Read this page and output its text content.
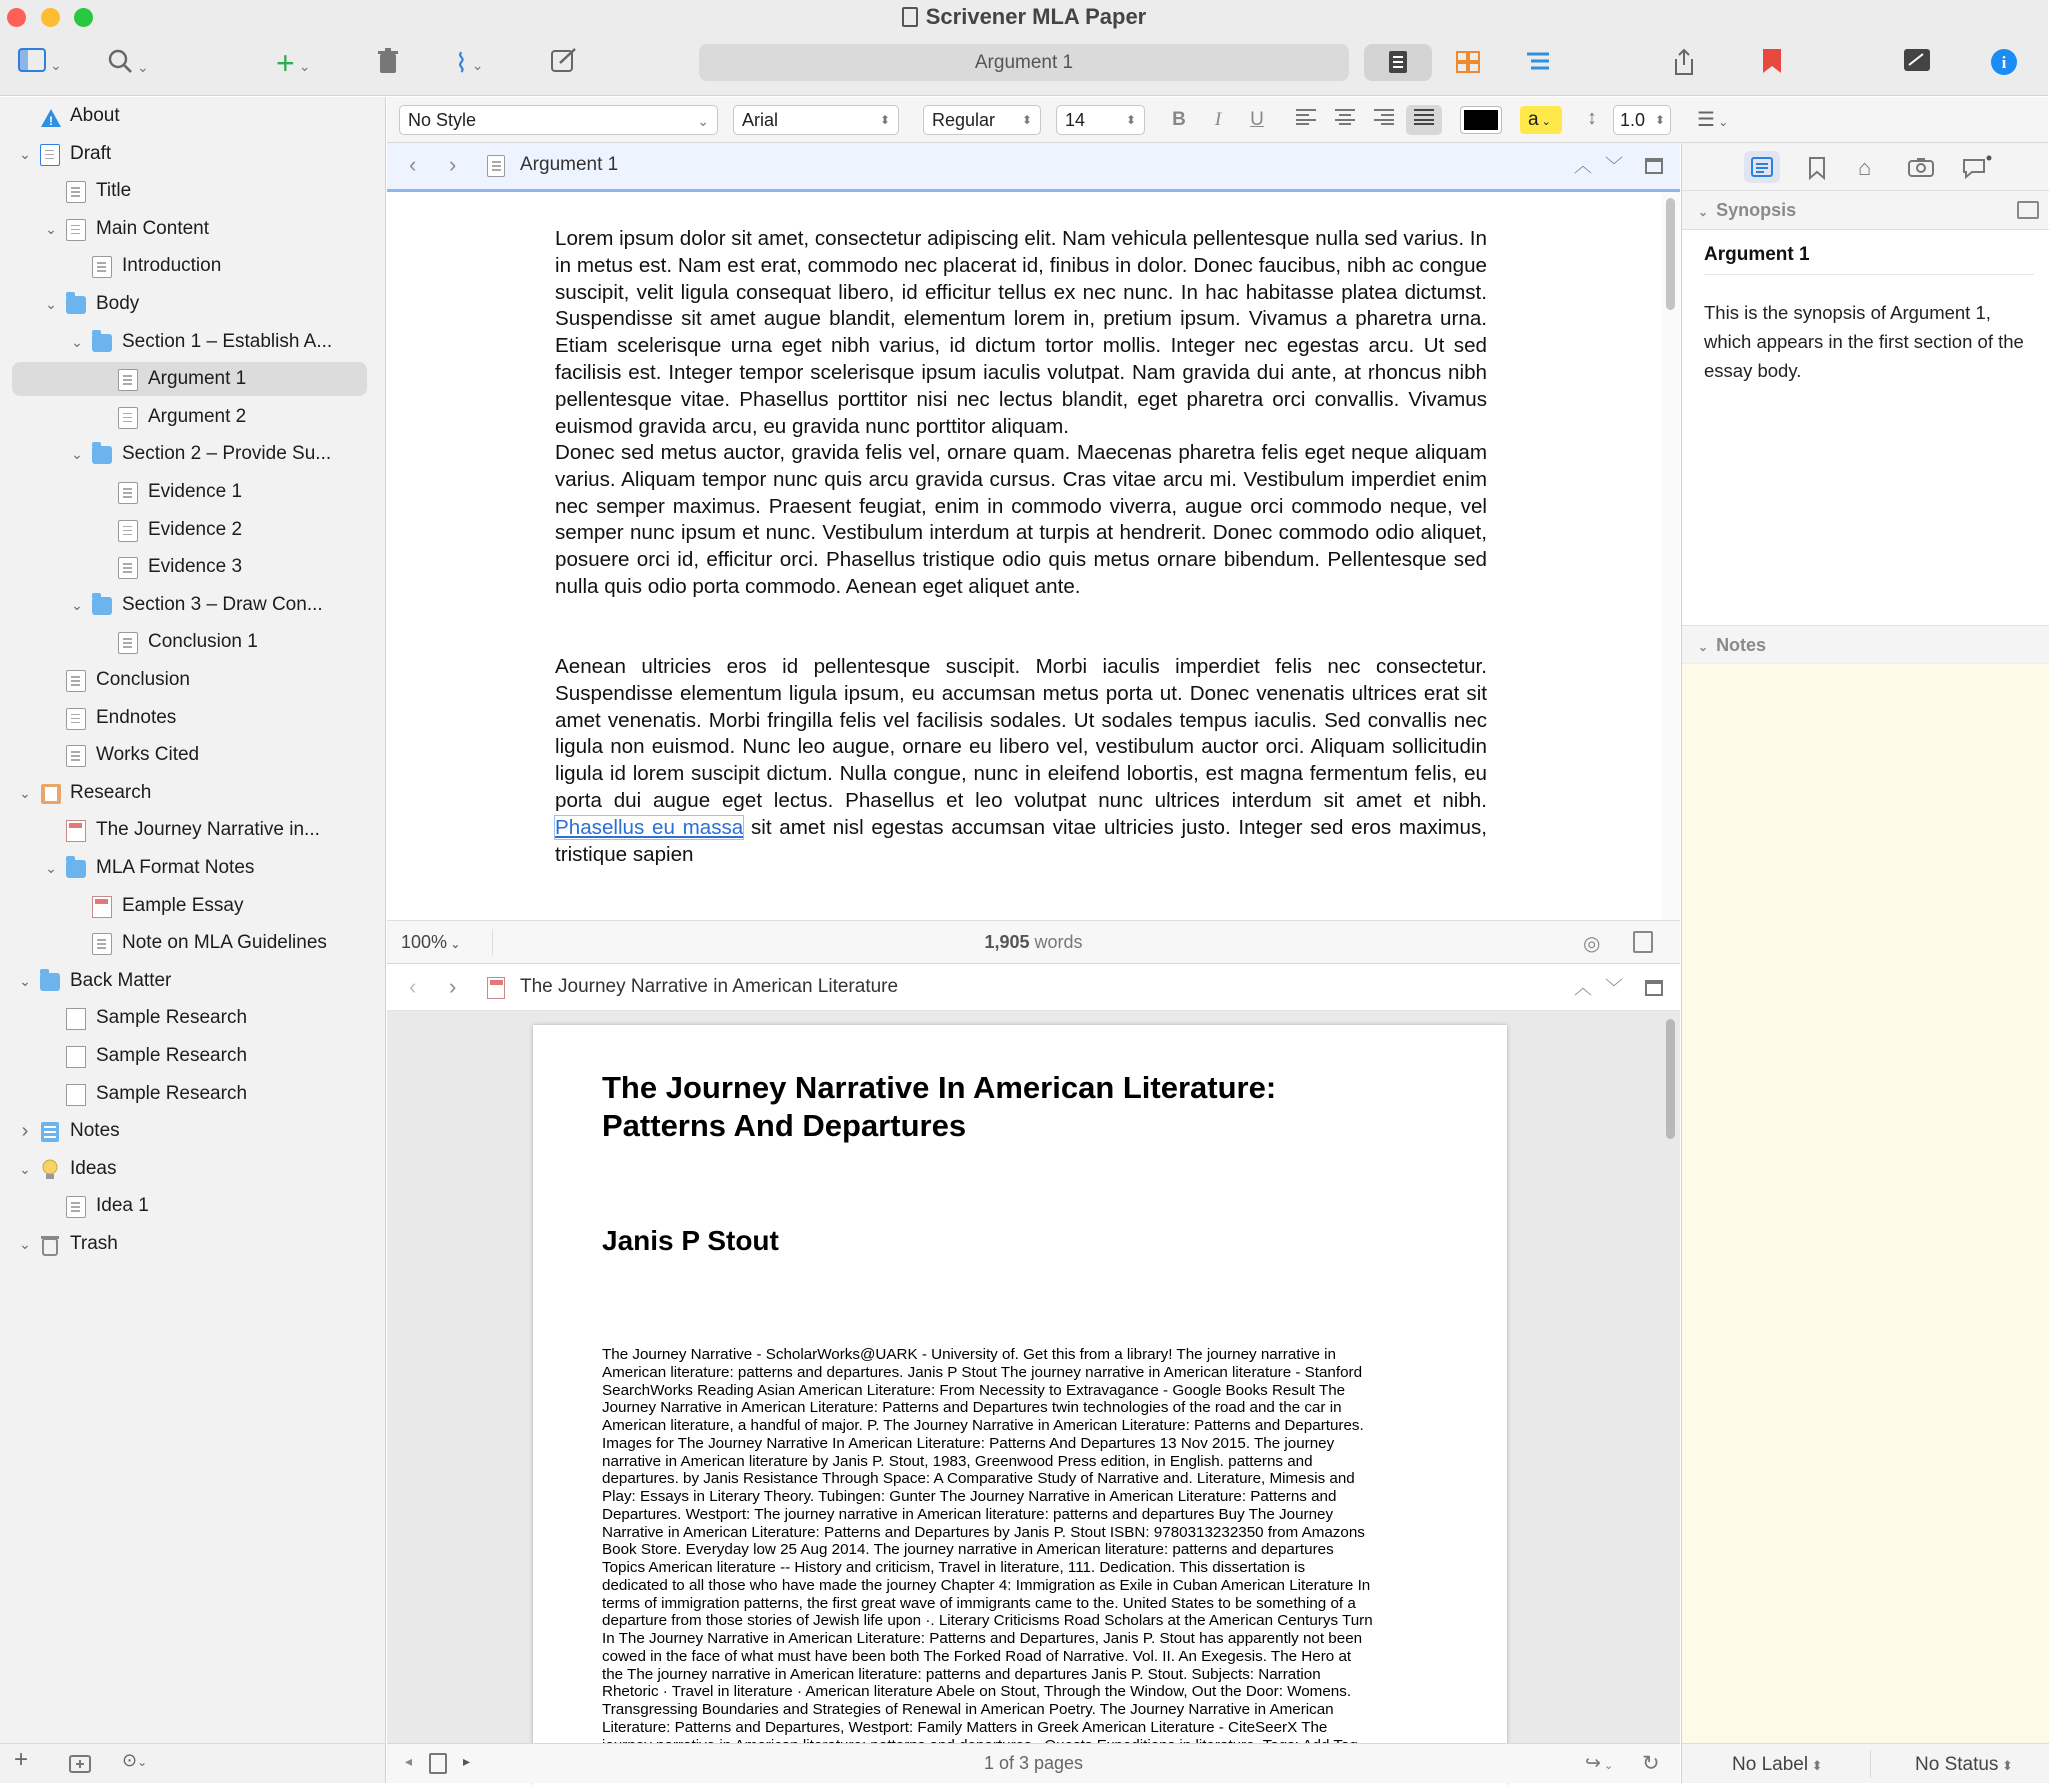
Scrivener MLA Paper
⌄	⌄	+ ⌄	⌇ ⌄	Argument 1	i
! About
⌄ Draft
Title
⌄ Main Content
Introduction
⌄ Body
⌄ Section 1 – Establish A...
Argument 1
Argument 2
⌄ Section 2 – Provide Su...
Evidence 1
Evidence 2
Evidence 3
⌄ Section 3 – Draw Con...
Conclusion 1
Conclusion
Endnotes
Works Cited
⌄ Research
The Journey Narrative in...
⌄ MLA Format Notes
Eample Essay
Note on MLA Guidelines
⌄ Back Matter
Sample Research
Sample Research
Sample Research
› Notes
⌄ Ideas
Idea 1
⌄ Trash
+	⊙⌄
No Style	⌄	Arial	⬍	Regular ⬍	14	⬍	B	I	U	a ⌄	↕	1.0 ⬍ ☰ ⌄
‹ ›	Argument 1	︿ ﹀

Lorem ipsum dolor sit amet, consectetur adipiscing elit. Nam vehicula pellentesque nulla sed varius. In in metus est. Nam est erat, commodo nec placerat id, finibus in dolor. Donec faucibus, nibh ac congue suscipit, velit ligula consequat libero, id efficitur tellus ex nec nunc. In hac habitasse platea dictumst. Suspendisse sit amet augue blandit, elementum lorem in, pretium ipsum. Vivamus a pharetra urna. Etiam scelerisque urna eget nibh varius, id dictum tortor mollis. Integer nec egestas arcu. Ut sed facilisis est. Integer tempor scelerisque ipsum iaculis volutpat. Nam gravida dui ante, at rhoncus nibh pellentesque vitae. Phasellus porttitor nisi nec lectus blandit, eget pharetra orci convallis. Vivamus euismod gravida arcu, eu gravida nunc porttitor aliquam.

Donec sed metus auctor, gravida felis vel, ornare quam. Maecenas pharetra felis eget neque aliquam varius. Aliquam tempor nunc quis arcu gravida cursus. Cras vitae arcu mi. Vestibulum imperdiet enim nec semper maximus. Praesent feugiat, enim in commodo viverra, augue orci commodo neque, vel semper nunc ipsum et nunc. Vestibulum interdum at turpis at hendrerit. Donec commodo odio aliquet, posuere orci id, efficitur orci. Phasellus tristique odio quis metus ornare bibendum. Pellentesque sed nulla quis odio porta commodo. Aenean eget aliquet ante.

Aenean ultricies eros id pellentesque suscipit. Morbi iaculis imperdiet felis nec consectetur. Suspendisse elementum ligula ipsum, eu accumsan metus porta ut. Donec venenatis ultrices erat sit amet venenatis. Morbi fringilla felis vel facilisis sodales. Ut sodales tempus iaculis. Sed convallis nec ligula non euismod. Nunc leo augue, ornare eu libero vel, vestibulum auctor orci. Aliquam sollicitudin ligula id lorem suscipit dictum. Nulla congue, nunc in eleifend lobortis, est magna fermentum felis, eu porta dui augue eget lectus. Phasellus et leo volutpat nunc ultrices interdum sit amet et nibh. Phasellus eu massa sit amet nisl egestas accumsan vitae ultricies justo. Integer sed eros maximus, tristique sapien

100% ⌄	1,905 words	◎
‹ ›	The Journey Narrative in American Literature	︿ ﹀
The Journey Narrative In American Literature:
Patterns And Departures
Janis P Stout
The Journey Narrative - ScholarWorks@UARK - University of. Get this from a library! The journey narrative in
American literature: patterns and departures. Janis P Stout The journey narrative in American literature - Stanford
SearchWorks Reading Asian American Literature: From Necessity to Extravagance - Google Books Result The
Journey Narrative in American Literature: Patterns and Departures twin technologies of the road and the car in
American literature, a handful of major. P. The Journey Narrative in American Literature: Patterns and Departures.
Images for The Journey Narrative In American Literature: Patterns And Departures 13 Nov 2015. The journey
narrative in American literature by Janis P. Stout, 1983, Greenwood Press edition, in English. patterns and
departures. by Janis Resistance Through Space: A Comparative Study of Narrative and. Literature, Mimesis and
Play: Essays in Literary Theory. Tubingen: Gunter The Journey Narrative in American Literature: Patterns and
Departures. Westport: The journey narrative in American literature: patterns and departures Buy The Journey
Narrative in American Literature: Patterns and Departures by Janis P. Stout ISBN: 9780313232350 from Amazons
Book Store. Everyday low 25 Aug 2014. The journey narrative in American literature: patterns and departures
Topics American literature -- History and criticism, Travel in literature, 111. Dedication. This dissertation is
dedicated to all those who have made the journey Chapter 4: Immigration as Exile in Cuban American Literature In
terms of immigration patterns, the first great wave of immigrants came to the. United States to be something of a
departure from those stories of Jewish life upon ·. Literary Criticisms Road Scholars at the American Centurys Turn
In The Journey Narrative in American Literature: Patterns and Departures, Janis P. Stout has apparently not been
cowed in the face of what must have been both The Forked Road of Narrative. Vol. II. An Exegesis. The Hero at
the The journey narrative in American literature: patterns and departures Janis P. Stout. Subjects: Narration
Rhetoric · Travel in literature · American literature Abele on Stout, Through the Window, Out the Door: Womens.
Transgressing Boundaries and Strategies of Renewal in American Poetry. The Journey Narrative in American
Literature: Patterns and Departures, Westport: Family Matters in Greek American Literature - CiteSeerX The
◂	▸	1 of 3 pages	↪ ⌄ ↻
⌂
⌄ Synopsis
Argument 1
This is the synopsis of Argument 1, which appears in the first section of the essay body.
⌄ Notes
No Label ⬍	No Status ⬍
